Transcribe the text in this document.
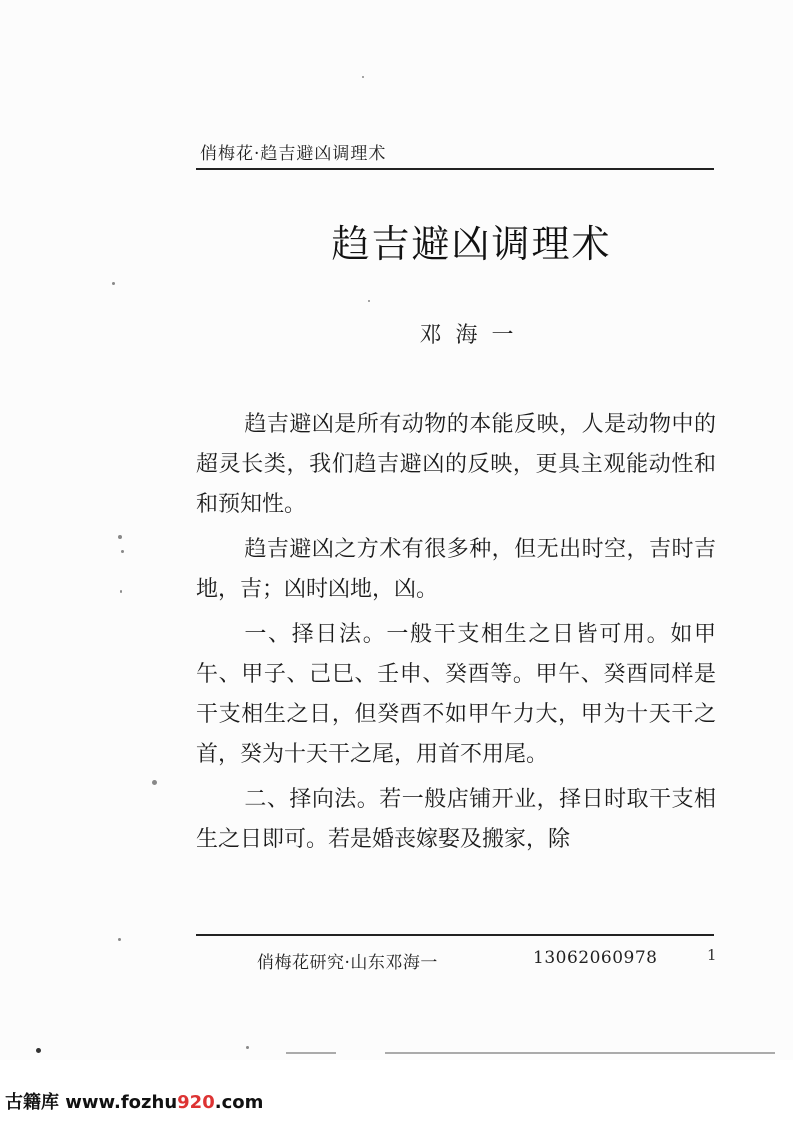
俏梅花·趋吉避凶调理术
趋吉避凶调理术
邓海一

趋吉避凶是所有动物的本能反映，人是动物中的超灵长类，我们趋吉避凶的反映，更具主观能动性和和预知性。

趋吉避凶之方术有很多种，但无出时空，吉时吉地，吉；凶时凶地，凶。

一、择日法。一般干支相生之日皆可用。如甲午、甲子、己巳、壬申、癸酉等。甲午、癸酉同样是干支相生之日，但癸酉不如甲午力大，甲为十天干之首，癸为十天干之尾，用首不用尾。

二、择向法。若一般店铺开业，择日时取干支相生之日即可。若是婚丧嫁娶及搬家，除

俏梅花研究·山东邓海一	13062060978	1
古籍库 www.fozhu920.com
